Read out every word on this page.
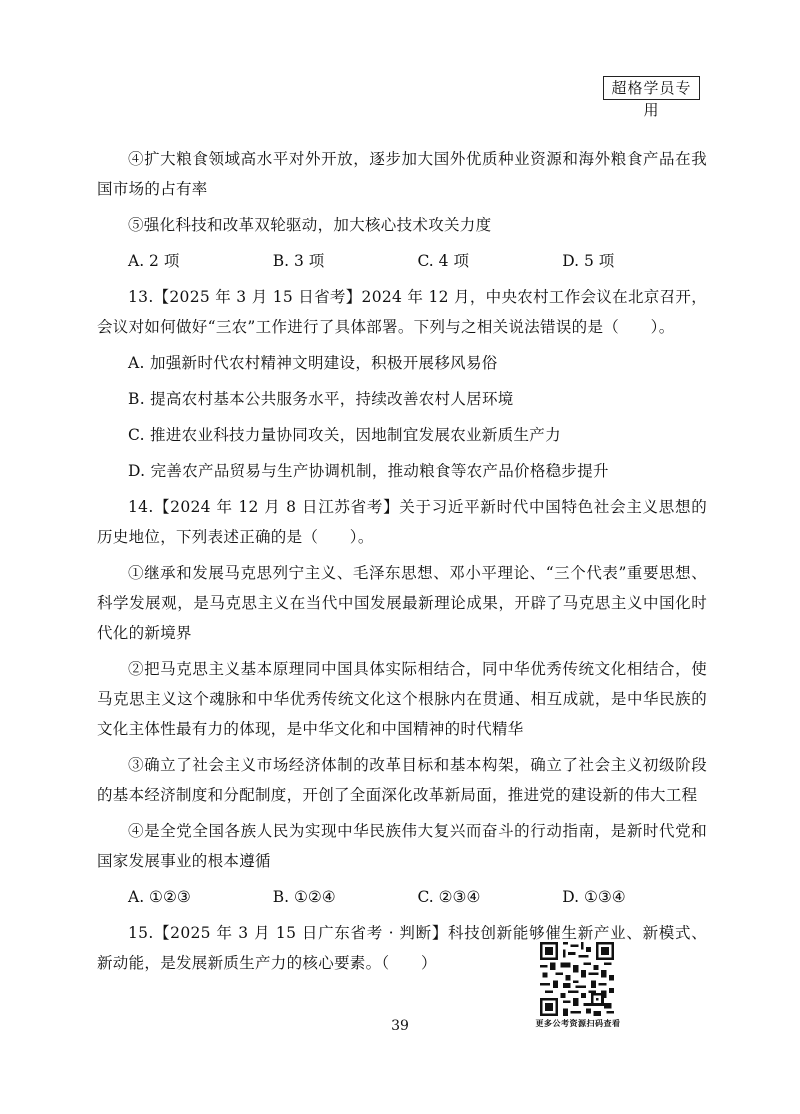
超格学员专用

④扩大粮食领域高水平对外开放，逐步加大国外优质种业资源和海外粮食产品在我国市场的占有率

⑤强化科技和改革双轮驱动，加大核心技术攻关力度

A. 2 项	B. 3 项	C. 4 项	D. 5 项

13.【2025 年 3 月 15 日省考】2024 年 12 月，中央农村工作会议在北京召开，会议对如何做好“三农”工作进行了具体部署。下列与之相关说法错误的是（　　）。

A. 加强新时代农村精神文明建设，积极开展移风易俗

B. 提高农村基本公共服务水平，持续改善农村人居环境

C. 推进农业科技力量协同攻关，因地制宜发展农业新质生产力

D. 完善农产品贸易与生产协调机制，推动粮食等农产品价格稳步提升

14.【2024 年 12 月 8 日江苏省考】关于习近平新时代中国特色社会主义思想的历史地位，下列表述正确的是（　　）。

①继承和发展马克思列宁主义、毛泽东思想、邓小平理论、“三个代表”重要思想、科学发展观，是马克思主义在当代中国发展最新理论成果，开辟了马克思主义中国化时代化的新境界

②把马克思主义基本原理同中国具体实际相结合，同中华优秀传统文化相结合，使马克思主义这个魂脉和中华优秀传统文化这个根脉内在贯通、相互成就，是中华民族的文化主体性最有力的体现，是中华文化和中国精神的时代精华

③确立了社会主义市场经济体制的改革目标和基本构架，确立了社会主义初级阶段的基本经济制度和分配制度，开创了全面深化改革新局面，推进党的建设新的伟大工程

④是全党全国各族人民为实现中华民族伟大复兴而奋斗的行动指南，是新时代党和国家发展事业的根本遵循

A. ①②③	B. ①②④	C. ②③④	D. ①③④

15.【2025 年 3 月 15 日广东省考 · 判断】科技创新能够催生新产业、新模式、新动能，是发展新质生产力的核心要素。（　　）

更多公考资源扫码查看
39
